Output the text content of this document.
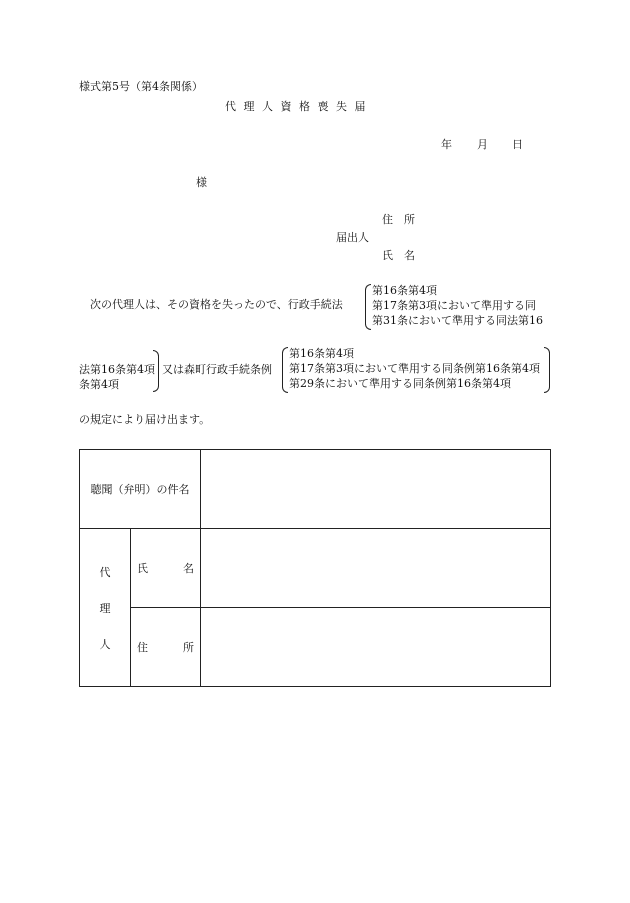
様式第5号（第4条関係）
代 理 人 資 格 喪 失 届
年 月 日
様
住　所
届出人
氏　名
次の代理人は、その資格を失ったので、行政手続法
第16条第4項
第17条第3項において準用する同
第31条において準用する同法第16
法第16条第4項
条第4項
又は森町行政手続条例
第16条第4項
第17条第3項において準用する同条例第16条第4項
第29条において準用する同条例第16条第4項
の規定により届け出ます。
聴聞（弁明）の件名		

代
理
人	氏 名	

	住 所	
